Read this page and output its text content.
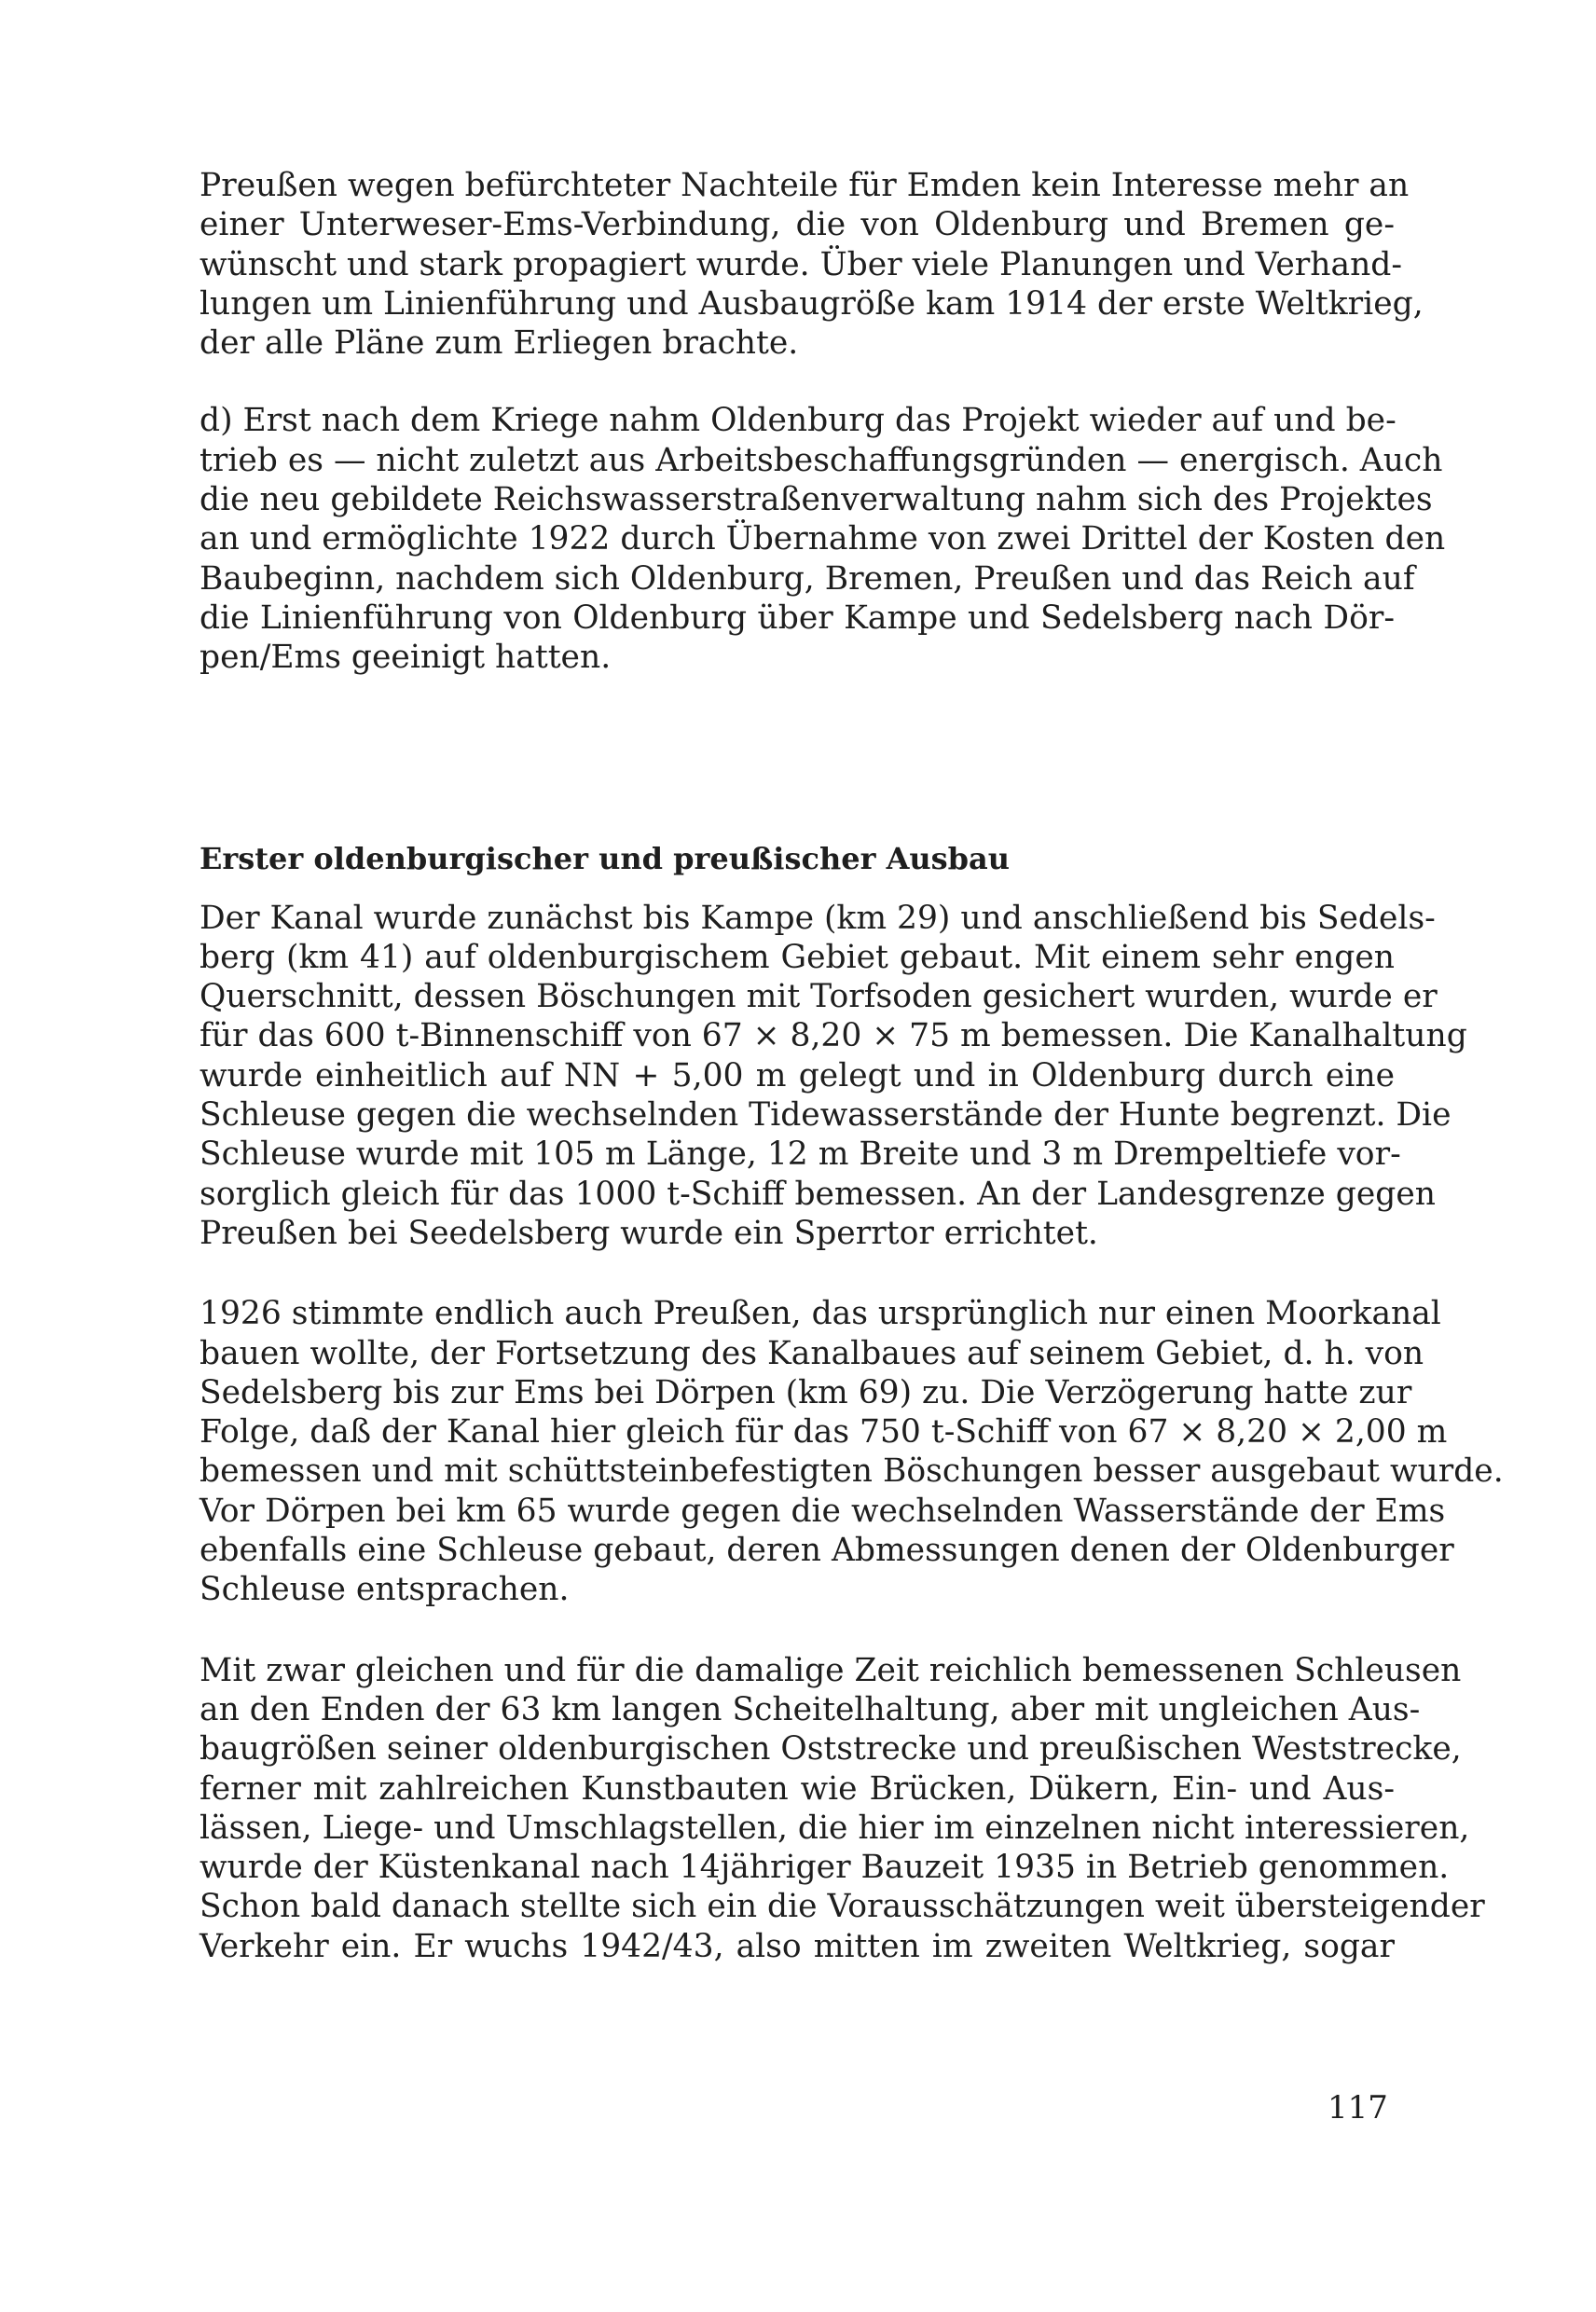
Preußen wegen befürchteter Nachteile für Emden kein Interesse mehr an
einer Unterweser-Ems-Verbindung, die von Oldenburg und Bremen ge-
wünscht und stark propagiert wurde. Über viele Planungen und Verhand-
lungen um Linienführung und Ausbaugröße kam 1914 der erste Weltkrieg,
der alle Pläne zum Erliegen brachte.
d) Erst nach dem Kriege nahm Oldenburg das Projekt wieder auf und be-
trieb es — nicht zuletzt aus Arbeitsbeschaffungsgründen — energisch. Auch
die neu gebildete Reichswasserstraßenverwaltung nahm sich des Projektes
an und ermöglichte 1922 durch Übernahme von zwei Drittel der Kosten den
Baubeginn, nachdem sich Oldenburg, Bremen, Preußen und das Reich auf
die Linienführung von Oldenburg über Kampe und Sedelsberg nach Dör-
pen/Ems geeinigt hatten.
Erster oldenburgischer und preußischer Ausbau
Der Kanal wurde zunächst bis Kampe (km 29) und anschließend bis Sedels-
berg (km 41) auf oldenburgischem Gebiet gebaut. Mit einem sehr engen
Querschnitt, dessen Böschungen mit Torfsoden gesichert wurden, wurde er
für das 600 t-Binnenschiff von 67 × 8,20 × 75 m bemessen. Die Kanalhaltung
wurde einheitlich auf NN + 5,00 m gelegt und in Oldenburg durch eine
Schleuse gegen die wechselnden Tidewasserstände der Hunte begrenzt. Die
Schleuse wurde mit 105 m Länge, 12 m Breite und 3 m Drempeltiefe vor-
sorglich gleich für das 1000 t-Schiff bemessen. An der Landesgrenze gegen
Preußen bei Seedelsberg wurde ein Sperrtor errichtet.
1926 stimmte endlich auch Preußen, das ursprünglich nur einen Moorkanal
bauen wollte, der Fortsetzung des Kanalbaues auf seinem Gebiet, d. h. von
Sedelsberg bis zur Ems bei Dörpen (km 69) zu. Die Verzögerung hatte zur
Folge, daß der Kanal hier gleich für das 750 t-Schiff von 67 × 8,20 × 2,00 m
bemessen und mit schüttsteinbefestigten Böschungen besser ausgebaut wurde.
Vor Dörpen bei km 65 wurde gegen die wechselnden Wasserstände der Ems
ebenfalls eine Schleuse gebaut, deren Abmessungen denen der Oldenburger
Schleuse entsprachen.
Mit zwar gleichen und für die damalige Zeit reichlich bemessenen Schleusen
an den Enden der 63 km langen Scheitelhaltung, aber mit ungleichen Aus-
baugrößen seiner oldenburgischen Oststrecke und preußischen Weststrecke,
ferner mit zahlreichen Kunstbauten wie Brücken, Dükern, Ein- und Aus-
lässen, Liege- und Umschlagstellen, die hier im einzelnen nicht interessieren,
wurde der Küstenkanal nach 14jähriger Bauzeit 1935 in Betrieb genommen.
Schon bald danach stellte sich ein die Vorausschätzungen weit übersteigender
Verkehr ein. Er wuchs 1942/43, also mitten im zweiten Weltkrieg, sogar
117
